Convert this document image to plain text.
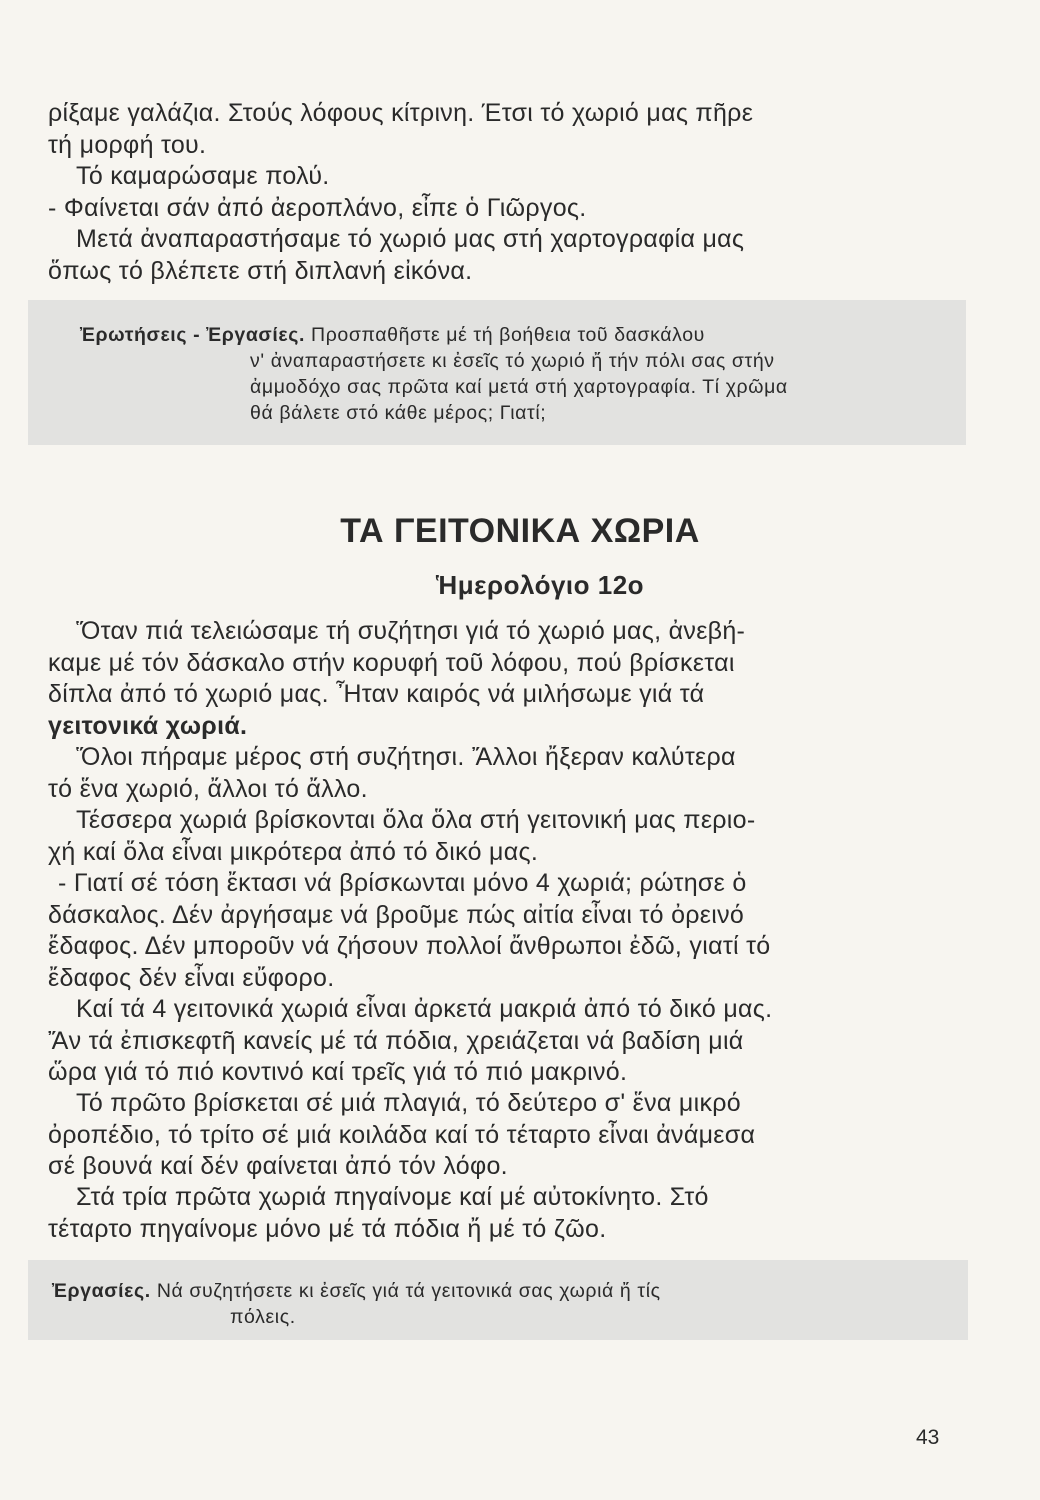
ρίξαμε γαλάζια. Στούς λόφους κίτρινη. Έτσι τό χωριό μας πῆρε
τή μορφή του.
Τό καμαρώσαμε πολύ.
- Φαίνεται σάν ἀπό ἀεροπλάνο, εἶπε ὁ Γιῶργος.
Μετά ἀναπαραστήσαμε τό χωριό μας στή χαρτογραφία μας
ὅπως τό βλέπετε στή διπλανή εἰκόνα.
Ἐρωτήσεις - Ἐργασίες. Προσπαθῆστε μέ τή βοήθεια τοῦ δασκάλου
ν' ἀναπαραστήσετε κι ἐσεῖς τό χωριό ἤ τήν πόλι σας στήν
ἀμμοδόχο σας πρῶτα καί μετά στή χαρτογραφία. Τί χρῶμα
θά βάλετε στό κάθε μέρος; Γιατί;
ΤΑ ΓΕΙΤΟΝΙΚΑ ΧΩΡΙΑ
Ἡμερολόγιο 12ο
Ὅταν πιά τελειώσαμε τή συζήτησι γιά τό χωριό μας, ἀνεβή-
καμε μέ τόν δάσκαλο στήν κορυφή τοῦ λόφου, πού βρίσκεται
δίπλα ἀπό τό χωριό μας. Ἦταν καιρός νά μιλήσωμε γιά τά
γειτονικά χωριά.
Ὅλοι πήραμε μέρος στή συζήτησι. Ἄλλοι ἤξεραν καλύτερα
τό ἕνα χωριό, ἄλλοι τό ἄλλο.
Τέσσερα χωριά βρίσκονται ὅλα ὅλα στή γειτονική μας περιο-
χή καί ὅλα εἶναι μικρότερα ἀπό τό δικό μας.
- Γιατί σέ τόση ἔκτασι νά βρίσκωνται μόνο 4 χωριά; ρώτησε ὁ
δάσκαλος. Δέν ἀργήσαμε νά βροῦμε πώς αἰτία εἶναι τό ὀρεινό
ἔδαφος. Δέν μποροῦν νά ζήσουν πολλοί ἄνθρωποι ἐδῶ, γιατί τό
ἔδαφος δέν εἶναι εὔφορο.
Καί τά 4 γειτονικά χωριά εἶναι ἀρκετά μακριά ἀπό τό δικό μας.
Ἄν τά ἐπισκεφτῆ κανείς μέ τά πόδια, χρειάζεται νά βαδίση μιά
ὥρα γιά τό πιό κοντινό καί τρεῖς γιά τό πιό μακρινό.
Τό πρῶτο βρίσκεται σέ μιά πλαγιά, τό δεύτερο σ' ἕνα μικρό
ὀροπέδιο, τό τρίτο σέ μιά κοιλάδα καί τό τέταρτο εἶναι ἀνάμεσα
σέ βουνά καί δέν φαίνεται ἀπό τόν λόφο.
Στά τρία πρῶτα χωριά πηγαίνομε καί μέ αὐτοκίνητο. Στό
τέταρτο πηγαίνομε μόνο μέ τά πόδια ἤ μέ τό ζῶο.
Ἐργασίες. Νά συζητήσετε κι ἐσεῖς γιά τά γειτονικά σας χωριά ἤ τίς
πόλεις.
43
